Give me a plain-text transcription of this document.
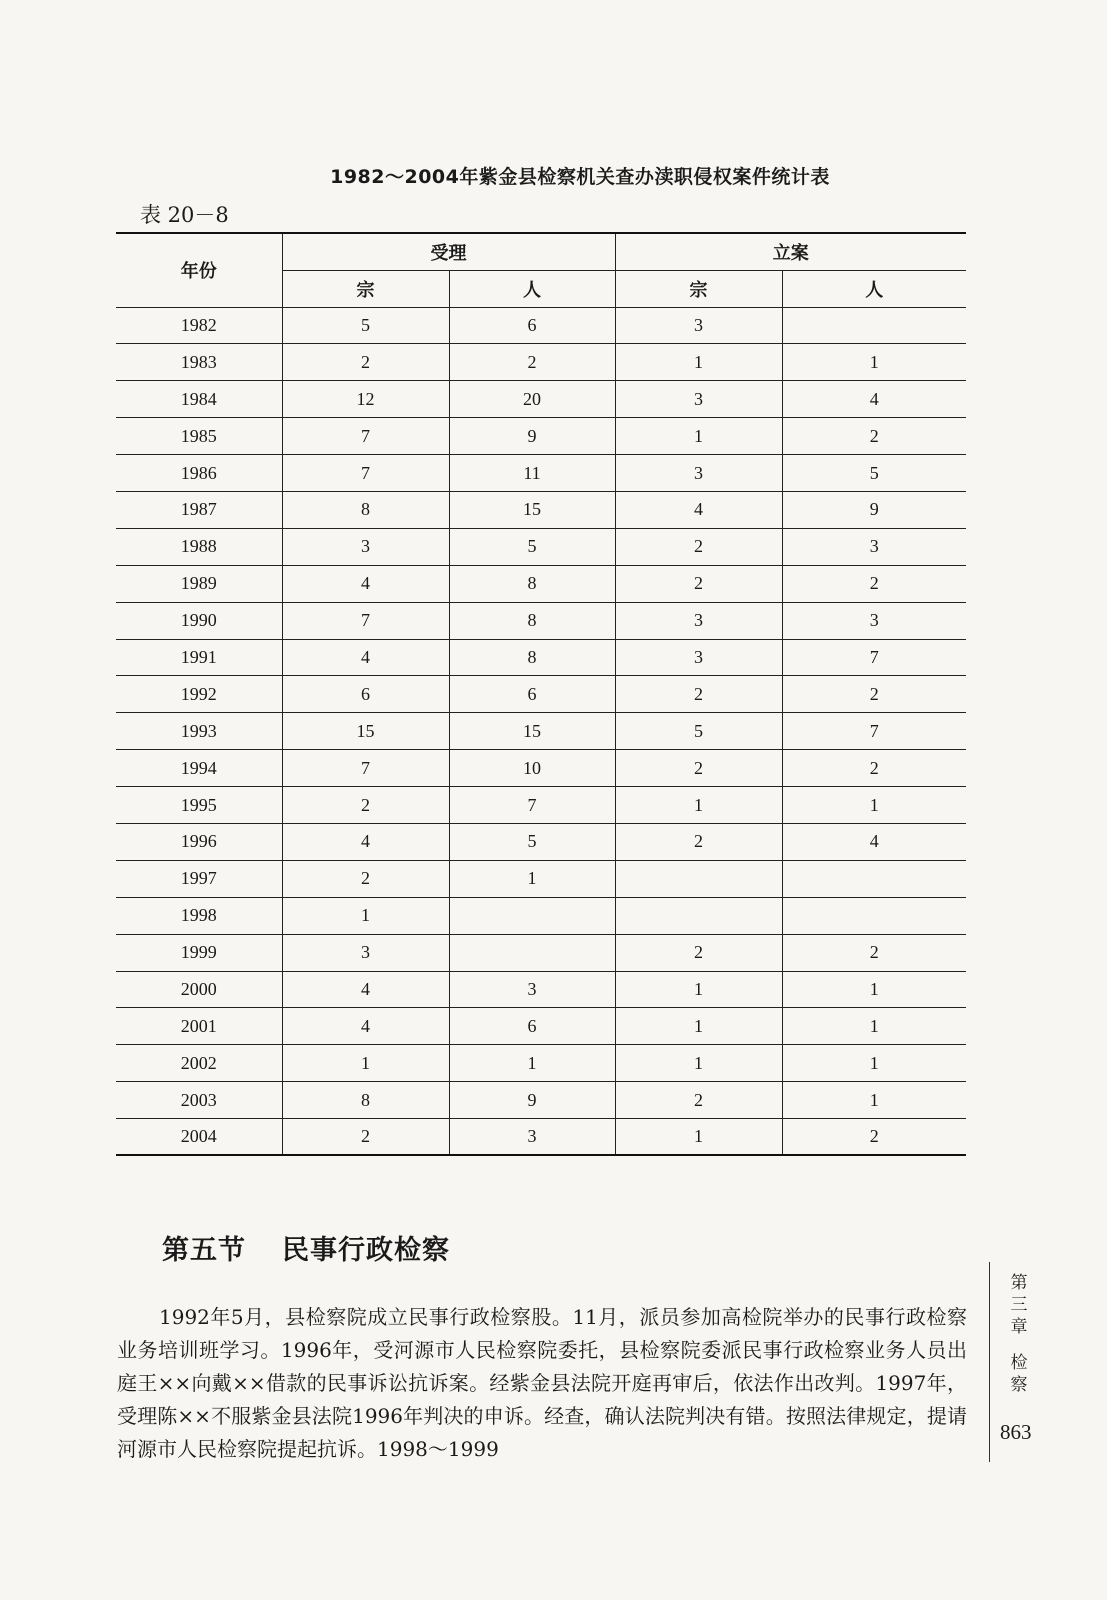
1982～2004年紫金县检察机关查办渎职侵权案件统计表
表 20－8
年份	受理		立案	
	宗	人	宗	人
1982	5	6	3	
1983	2	2	1	1
1984	12	20	3	4
1985	7	9	1	2
1986	7	11	3	5
1987	8	15	4	9
1988	3	5	2	3
1989	4	8	2	2
1990	7	8	3	3
1991	4	8	3	7
1992	6	6	2	2
1993	15	15	5	7
1994	7	10	2	2
1995	2	7	1	1
1996	4	5	2	4
1997	2	1		
1998	1			
1999	3		2	2
2000	4	3	1	1
2001	4	6	1	1
2002	1	1	1	1
2003	8	9	2	1
2004	2	3	1	2
第五节 民事行政检察

1992年5月，县检察院成立民事行政检察股。11月，派员参加高检院举办的民事行政检察业务培训班学习。1996年，受河源市人民检察院委托，县检察院委派民事行政检察业务人员出庭王××向戴××借款的民事诉讼抗诉案。经紫金县法院开庭再审后，依法作出改判。1997年，受理陈××不服紫金县法院1996年判决的申诉。经查，确认法院判决有错。按照法律规定，提请河源市人民检察院提起抗诉。1998～1999

第
三
章
检
察
863
